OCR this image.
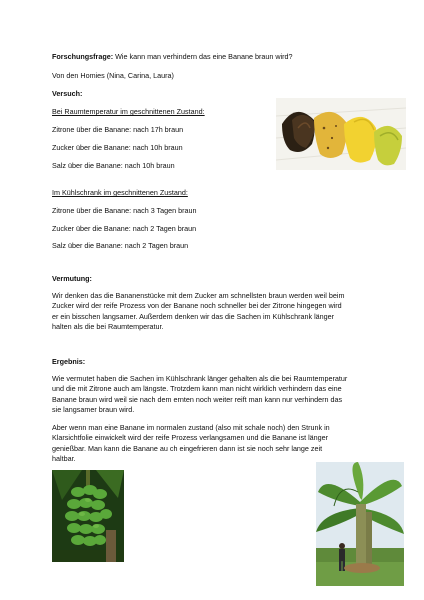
Forschungsfrage: Wie kann man verhindern das eine Banane braun wird?
Von den Homies (Nina, Carina, Laura)
Versuch:
Bei Raumtemperatur im geschnittenen Zustand:
Zitrone über die Banane: nach 17h braun
Zucker über die Banane: nach 10h braun
Salz über die Banane: nach 10h braun
Im Kühlschrank im geschnittenen Zustand:
Zitrone über die Banane: nach 3 Tagen braun
Zucker über die Banane: nach 2 Tagen braun
Salz über die Banane: nach 2 Tagen braun
Vermutung:
Wir denken das die Bananenstücke mit dem Zucker am schnellsten braun werden weil beim
Zucker wird der reife Prozess von der Banane noch schneller bei der Zitrone hingegen wird
er ein bisschen langsamer. Außerdem denken wir das die Sachen im Kühlschrank länger
halten als die bei Raumtemperatur.
Ergebnis:
Wie vermutet haben die Sachen im Kühlschrank länger gehalten als die bei Raumtemperatur
und die mit Zitrone auch am längste. Trotzdem kann man nicht wirklich verhindern das eine
Banane braun wird weil sie nach dem ernten noch weiter reift man kann nur verhindern das
sie langsamer braun wird.
Aber wenn man eine Banane im normalen zustand (also mit schale noch) den Strunk in
Klarsichtfolie einwickelt wird der reife Prozess verlangsamen und die Banane ist länger
genießbar. Man kann die Banane au ch eingefrieren dann ist sie noch sehr lange zeit
haltbar.
